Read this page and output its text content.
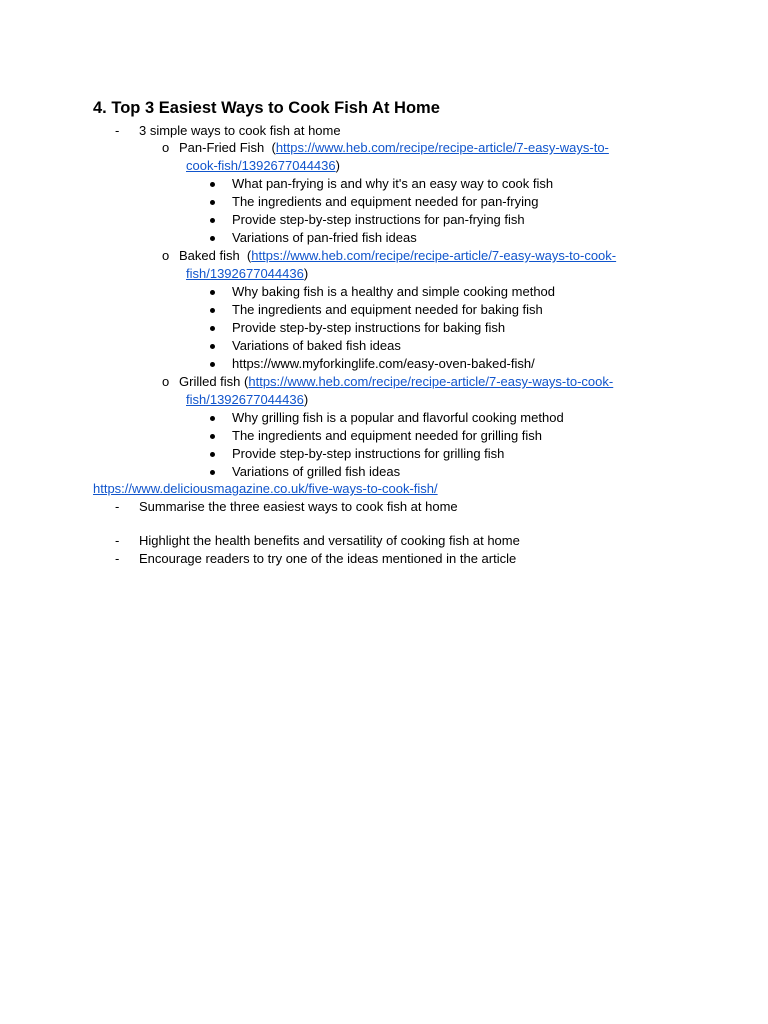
4. Top 3 Easiest Ways to Cook Fish At Home
- 3 simple ways to cook fish at home
o Pan-Fried Fish  (https://www.heb.com/recipe/recipe-article/7-easy-ways-to-
cook-fish/1392677044436)
What pan-frying is and why it's an easy way to cook fish
The ingredients and equipment needed for pan-frying
Provide step-by-step instructions for pan-frying fish
Variations of pan-fried fish ideas
o Baked fish  (https://www.heb.com/recipe/recipe-article/7-easy-ways-to-cook-
fish/1392677044436)
Why baking fish is a healthy and simple cooking method
The ingredients and equipment needed for baking fish
Provide step-by-step instructions for baking fish
Variations of baked fish ideas
https://www.myforkinglife.com/easy-oven-baked-fish/
o Grilled fish (https://www.heb.com/recipe/recipe-article/7-easy-ways-to-cook-
fish/1392677044436)
Why grilling fish is a popular and flavorful cooking method
The ingredients and equipment needed for grilling fish
Provide step-by-step instructions for grilling fish
Variations of grilled fish ideas
https://www.deliciousmagazine.co.uk/five-ways-to-cook-fish/
- Summarise the three easiest ways to cook fish at home
- Highlight the health benefits and versatility of cooking fish at home
- Encourage readers to try one of the ideas mentioned in the article
